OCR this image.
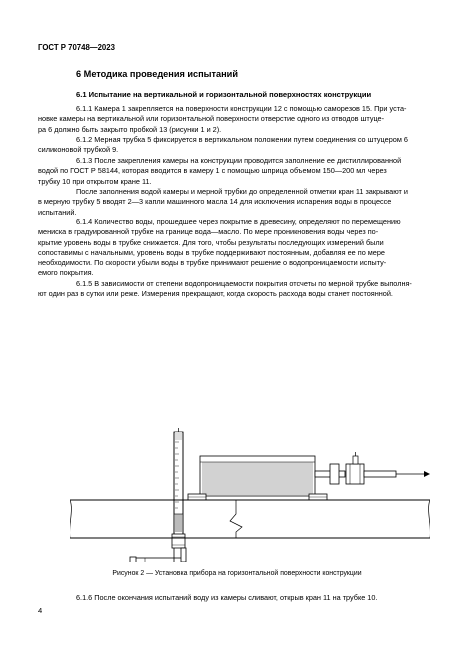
ГОСТ Р 70748—2023
6 Методика проведения испытаний
6.1 Испытание на вертикальной и горизонтальной поверхностях конструкции

6.1.1 Камера 1 закрепляется на поверхности конструкции 12 с помощью саморезов 15. При уста-
новке камеры на вертикальной или горизонтальной поверхности отверстие одного из отводов штуце-
ра 6 должно быть закрыто пробкой 13 (рисунки 1 и 2).

6.1.2 Мерная трубка 5 фиксируется в вертикальном положении путем соединения со штуцером 6
силиконовой трубкой 9.

6.1.3 После закрепления камеры на конструкции проводится заполнение ее дистиллированной
водой по ГОСТ Р 58144, которая вводится в камеру 1 с помощью шприца объемом 150—200 мл через
трубку 10 при открытом кране 11.

После заполнения водой камеры и мерной трубки до определенной отметки кран 11 закрывают и
в мерную трубку 5 вводят 2—3 капли машинного масла 14 для исключения испарения воды в процессе
испытаний.

6.1.4 Количество воды, прошедшее через покрытие в древесину, определяют по перемещению
мениска в градуированной трубке на границе вода—масло. По мере проникновения воды через по-
крытие уровень воды в трубке снижается. Для того, чтобы результаты последующих измерений были
сопоставимы с начальными, уровень воды в трубке поддерживают постоянным, добавляя ее по мере
необходимости. По скорости убыли воды в трубке принимают решение о водопроницаемости испыту-
емого покрытия.

6.1.5 В зависимости от степени водопроницаемости покрытия отсчеты по мерной трубке выполня-
ют один раз в сутки или реже. Измерения прекращают, когда скорость расхода воды станет постоянной.

Рисунок 2 — Установка прибора на горизонтальной поверхности конструкции
6.1.6 После окончания испытаний воду из камеры сливают, открыв кран 11 на трубке 10.
4
